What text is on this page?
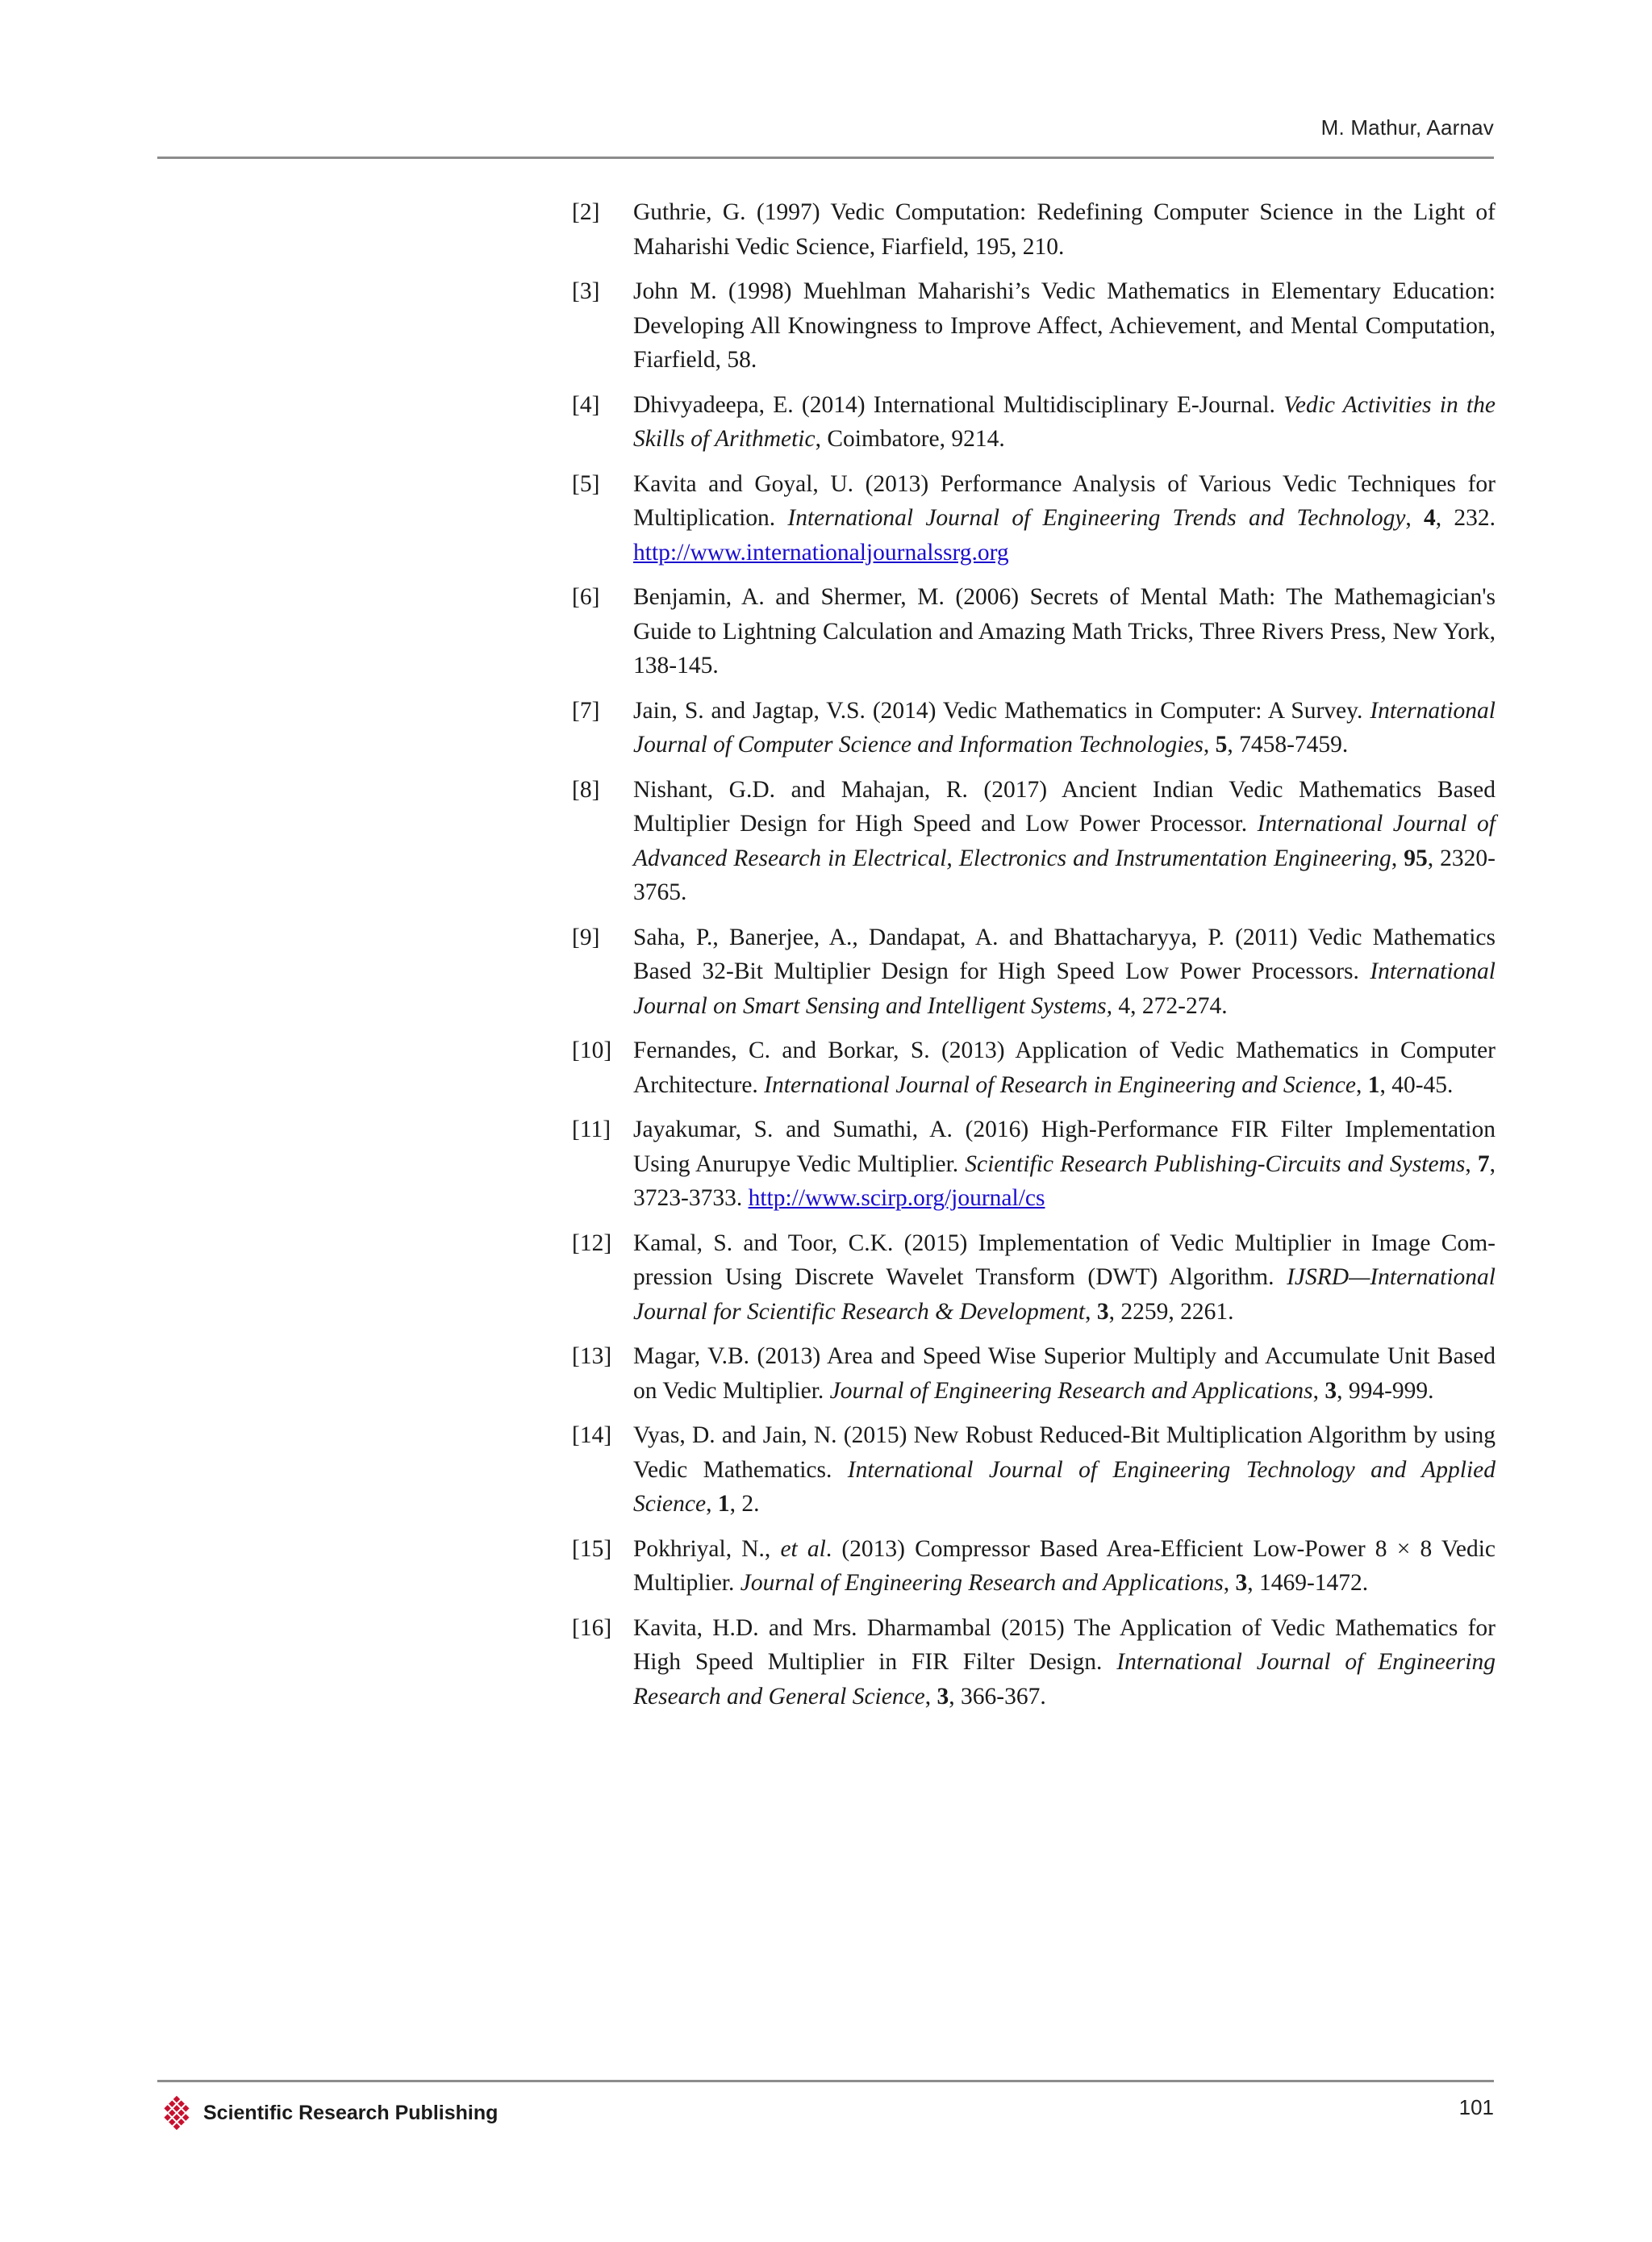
M. Mathur, Aarnav
[2] Guthrie, G. (1997) Vedic Computation: Redefining Computer Science in the Light of Maharishi Vedic Science, Fiarfield, 195, 210.
[3] John M. (1998) Muehlman Maharishi’s Vedic Mathematics in Elementary Education: Developing All Knowingness to Improve Affect, Achievement, and Mental Computation, Fiarfield, 58.
[4] Dhivyadeepa, E. (2014) International Multidisciplinary E-Journal. Vedic Activities in the Skills of Arithmetic, Coimbatore, 9214.
[5] Kavita and Goyal, U. (2013) Performance Analysis of Various Vedic Techniques for Multiplication. International Journal of Engineering Trends and Technology, 4, 232. http://www.internationaljournalssrg.org
[6] Benjamin, A. and Shermer, M. (2006) Secrets of Mental Math: The Mathemagician's Guide to Lightning Calculation and Amazing Math Tricks, Three Rivers Press, New York, 138-145.
[7] Jain, S. and Jagtap, V.S. (2014) Vedic Mathematics in Computer: A Survey. International Journal of Computer Science and Information Technologies, 5, 7458-7459.
[8] Nishant, G.D. and Mahajan, R. (2017) Ancient Indian Vedic Mathematics Based Multiplier Design for High Speed and Low Power Processor. International Journal of Advanced Research in Electrical, Electronics and Instrumentation Engineering, 95, 2320-3765.
[9] Saha, P., Banerjee, A., Dandapat, A. and Bhattacharyya, P. (2011) Vedic Mathematics Based 32-Bit Multiplier Design for High Speed Low Power Processors. International Journal on Smart Sensing and Intelligent Systems, 4, 272-274.
[10] Fernandes, C. and Borkar, S. (2013) Application of Vedic Mathematics in Computer Architecture. International Journal of Research in Engineering and Science, 1, 40-45.
[11] Jayakumar, S. and Sumathi, A. (2016) High-Performance FIR Filter Implementation Using Anurupye Vedic Multiplier. Scientific Research Publishing-Circuits and Systems, 7, 3723-3733. http://www.scirp.org/journal/cs
[12] Kamal, S. and Toor, C.K. (2015) Implementation of Vedic Multiplier in Image Compression Using Discrete Wavelet Transform (DWT) Algorithm. IJSRD—International Journal for Scientific Research & Development, 3, 2259, 2261.
[13] Magar, V.B. (2013) Area and Speed Wise Superior Multiply and Accumulate Unit Based on Vedic Multiplier. Journal of Engineering Research and Applications, 3, 994-999.
[14] Vyas, D. and Jain, N. (2015) New Robust Reduced-Bit Multiplication Algorithm by using Vedic Mathematics. International Journal of Engineering Technology and Applied Science, 1, 2.
[15] Pokhriyal, N., et al. (2013) Compressor Based Area-Efficient Low-Power 8 × 8 Vedic Multiplier. Journal of Engineering Research and Applications, 3, 1469-1472.
[16] Kavita, H.D. and Mrs. Dharmambal (2015) The Application of Vedic Mathematics for High Speed Multiplier in FIR Filter Design. International Journal of Engineering Research and General Science, 3, 366-367.
Scientific Research Publishing	101
